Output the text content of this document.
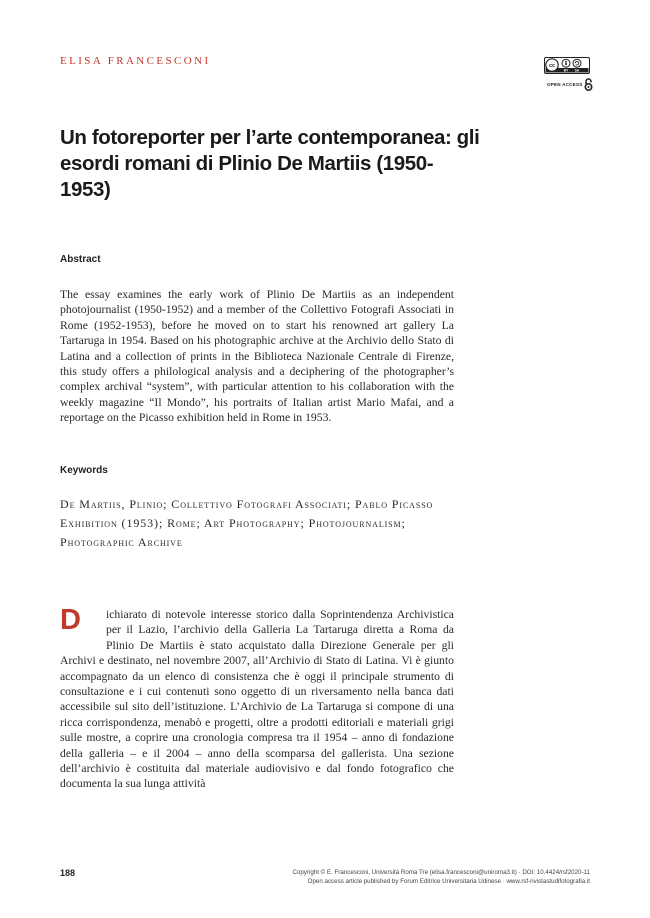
ELISA FRANCESCONI	cc
BY SA
OPEN ACCESS
Un fotoreporter per l’arte contemporanea: gli esordi romani di Plinio De Martiis (1950-1953)
Abstract

The essay examines the early work of Plinio De Martiis as an independent photojournalist (1950-1952) and a member of the Collettivo Fotografi Associati in Rome (1952-1953), before he moved on to start his renowned art gallery La Tartaruga in 1954. Based on his photographic archive at the Archivio dello Stato di Latina and a collection of prints in the Biblioteca Nazionale Centrale di Firenze, this study offers a philological analysis and a deciphering of the photographer’s complex archival “system”, with particular attention to his collaboration with the weekly magazine “Il Mondo”, his portraits of Italian artist Mario Mafai, and a reportage on the Picasso exhibition held in Rome in 1953.

Keywords

De Martiis, Plinio; Collettivo Fotografi Associati; Pablo Picasso Exhibition (1953); Rome; Art Photography; Photojournalism; Photographic Archive

D	ichiarato di notevole interesse storico dalla Soprintendenza Archivistica per il Lazio, l’archivio della Galleria La Tartaruga diretta a Roma da Plinio De Martiis è stato acquistato dalla Direzione Generale per gli Archivi e destinato, nel novembre 2007, all’Archivio di Stato di Latina. Vi è giunto accompagnato da un elenco di consistenza che è oggi il principale strumento di consultazione e i cui contenuti sono oggetto di un riversamento nella banca dati accessibile sul sito dell’istituzione. L’Archivio de La Tartaruga si compone di una ricca corrispondenza, menabò e progetti, oltre a prodotti editoriali e materiali grigi sulle mostre, a coprire una cronologia compresa tra il 1954 – anno di fondazione della galleria – e il 2004 – anno della scomparsa del gallerista. Una sezione dell’archivio è costituita dal materiale audiovisivo e dal fondo fotografico che documenta la sua lunga attività
188	Copyright © E. Francesconi, Università Roma Tre (elisa.francesconi@uniroma3.it) · DOI: 10.4424/rsf2020-11
Open access article published by Forum Editrice Universitaria Udinese · www.rsf-rivistastudifotografia.it
